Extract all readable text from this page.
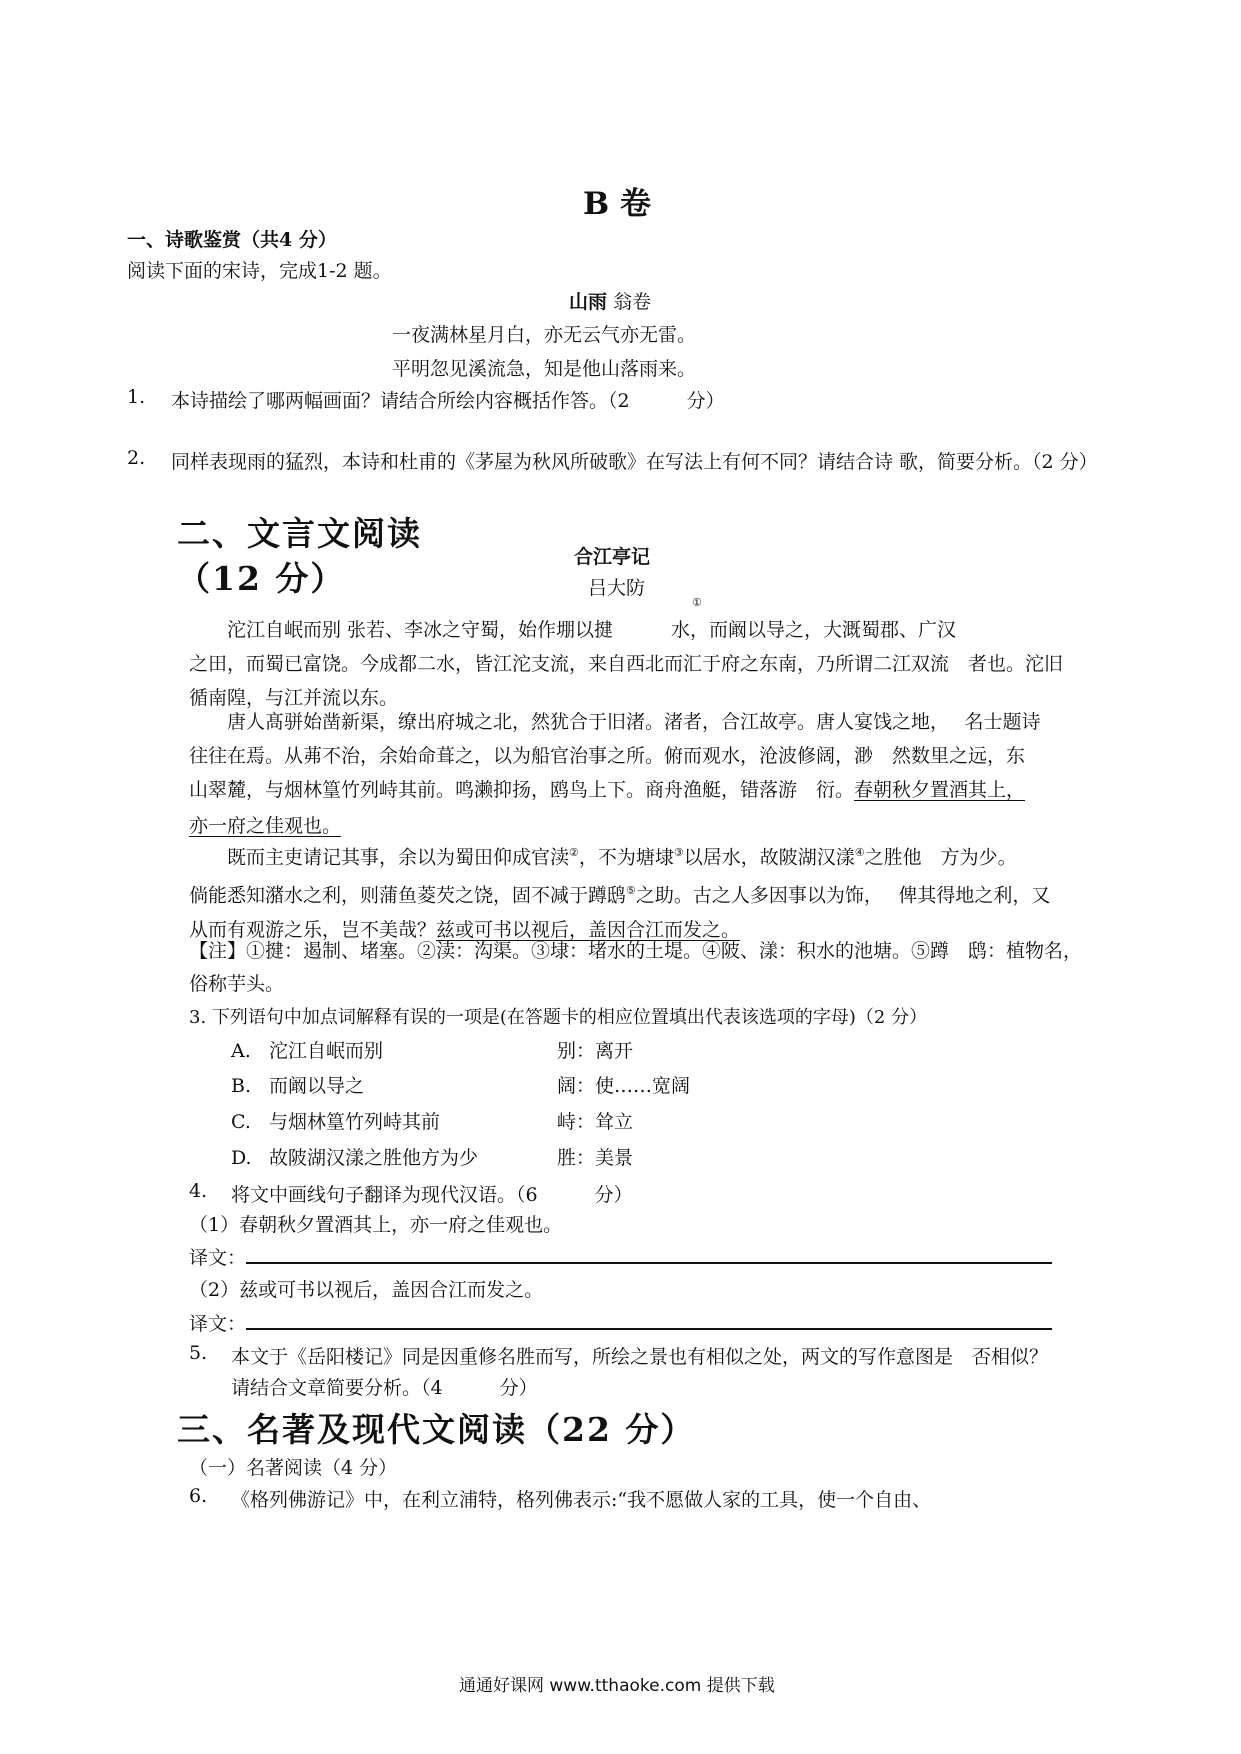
B 卷
一、诗歌鉴赏（共4 分）
阅读下面的宋诗，完成1-2 题。
山雨 翁卷
一夜满林星月白，亦无云气亦无雷。
平明忽见溪流急，知是他山落雨来。
1. 本诗描绘了哪两幅画面？请结合所绘内容概括作答。（2　　　分）
2. 同样表现雨的猛烈，本诗和杜甫的《茅屋为秋风所破歌》在写法上有何不同？请结合诗 歌，简要分析。（2 分）
二、文言文阅读
（12 分）
合江亭记
吕大防
①
沱江自岷而别 张若、李冰之守蜀，始作堋以揵	水，而阚以导之，大溉蜀郡、广汉
之田，而蜀已富饶。今成都二水，皆江沱支流，来自西北而汇于府之东南，乃所谓二江双流　者也。沱旧
循南隍，与江并流以东。
唐人髙骈始凿新渠，缭出府城之北，然犹合于旧渚。渚者，合江故亭。唐人宴饯之地，　 名士题诗
往往在焉。从茀不治，余始命葺之，以为船官治事之所。俯而观水，沧波修阔，渺　然数里之远，东
山翠麓，与烟林篁竹列峙其前。鸣濑抑扬，鸥鸟上下。商舟渔艇，错落游　衍。春朝秋夕置酒其上，
亦一府之佳观也。
既而主吏请记其事，余以为蜀田仰成官渎②，不为塘埭③以居水，故陂湖汉漾④之胜他　方为少。
倘能悉知潴水之利，则蒲鱼菱芡之饶，固不减于蹲鸱⑤之助。古之人多因事以为饰，　 俾其得地之利，又
从而有观游之乐，岂不美哉？兹或可书以视后，盖因合江而发之。
【注】①揵：遏制、堵塞。②渎：沟渠。③埭：堵水的土堤。④陂、漾：积水的池塘。⑤蹲　鸱：植物名，
俗称芋头。
3. 下列语句中加点词解释有误的一项是(在答题卡的相应位置填出代表该选项的字母)（2 分）
A. 沱江自岷而别	别：离开
B. 而阚以导之	阔：使……宽阔
C. 与烟林篁竹列峙其前	峙：耸立
D. 故陂湖汉漾之胜他方为少	胜：美景
4. 将文中画线句子翻译为现代汉语。（6　　　分）
（1）春朝秋夕置酒其上，亦一府之佳观也。
译文：
（2）兹或可书以视后，盖因合江而发之。
译文：
5. 本文于《岳阳楼记》同是因重修名胜而写，所绘之景也有相似之处，两文的写作意图是　否相似？
请结合文章简要分析。（4　　　分）
三、名著及现代文阅读（22 分）
（一）名著阅读（4 分）
6. 《格列佛游记》中，在利立浦特，格列佛表示:“我不愿做人家的工具，使一个自由、
通通好课网 www.tthaoke.com 提供下载
